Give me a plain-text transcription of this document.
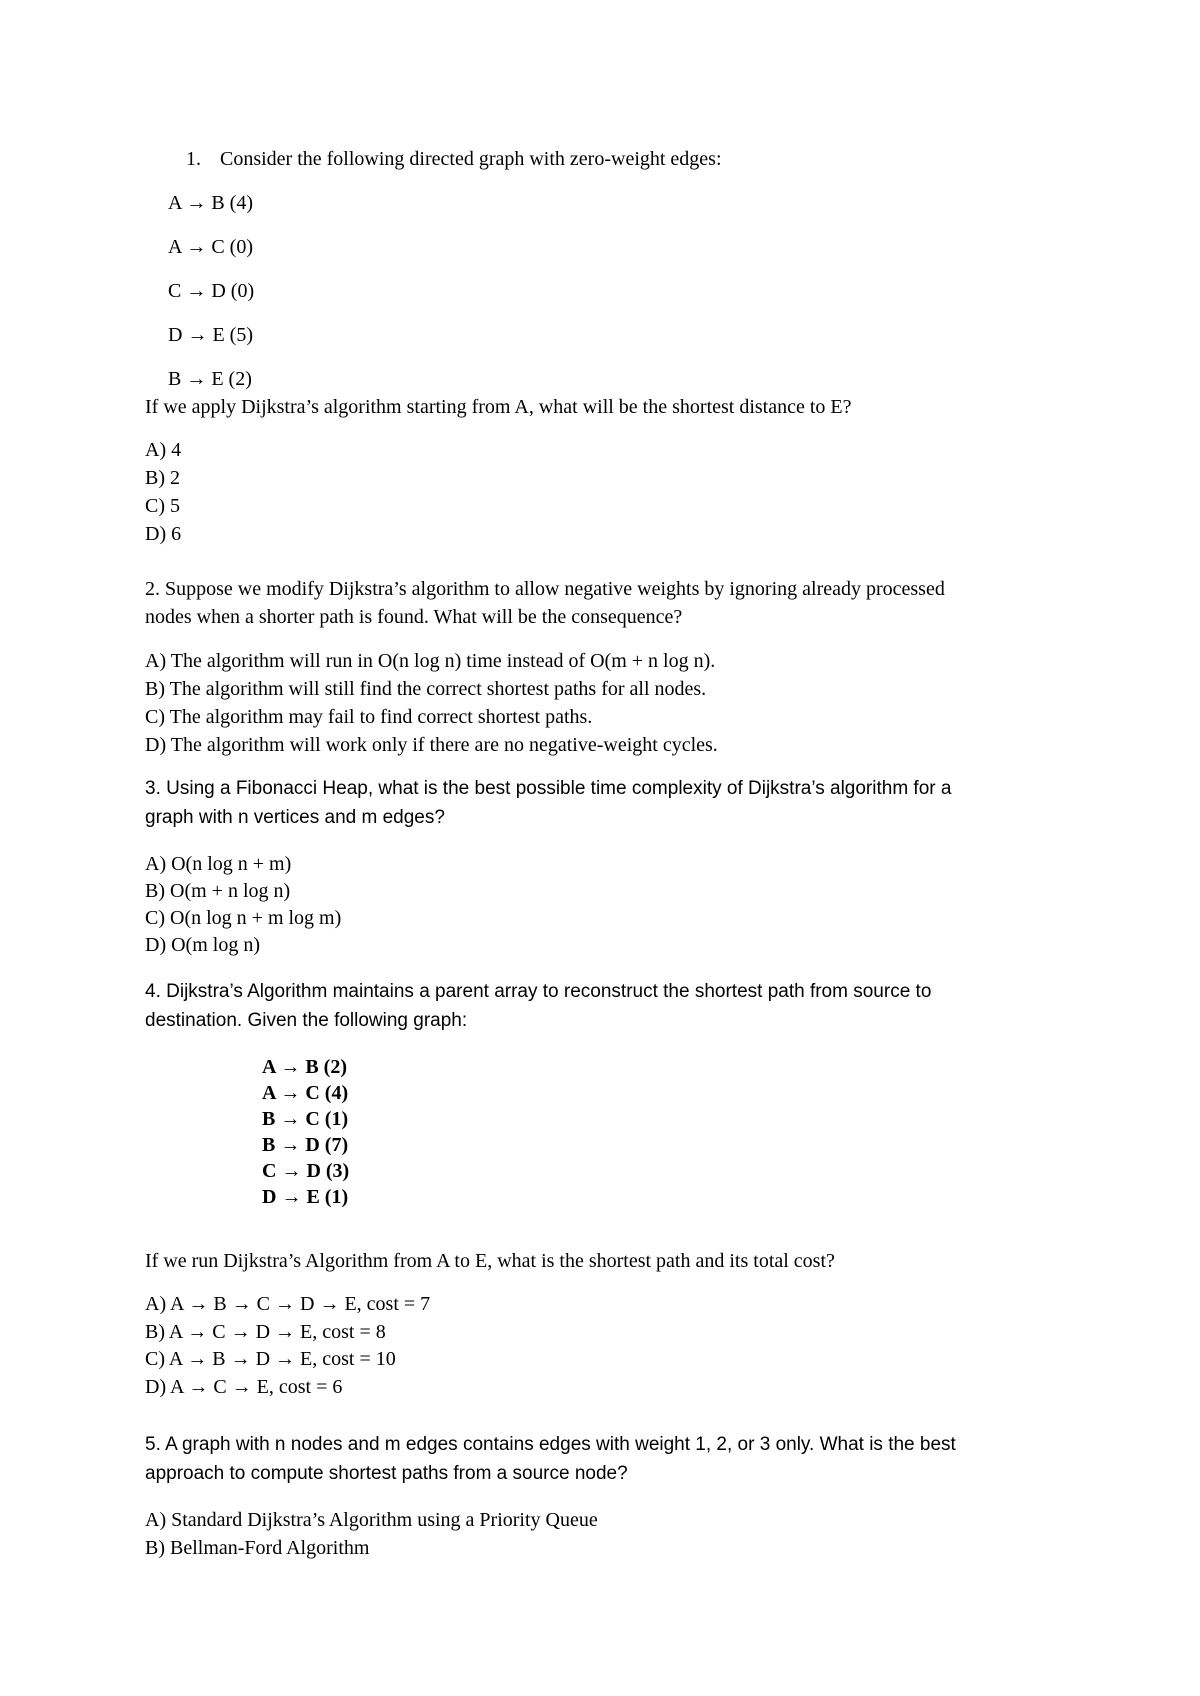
1. Consider the following directed graph with zero-weight edges:
A → B (4)
A → C (0)
C → D (0)
D → E (5)
B → E (2)
If we apply Dijkstra’s algorithm starting from A, what will be the shortest distance to E?
A) 4
B) 2
C) 5
D) 6
2. Suppose we modify Dijkstra’s algorithm to allow negative weights by ignoring already processed
nodes when a shorter path is found. What will be the consequence?
A) The algorithm will run in O(n log n) time instead of O(m + n log n).
B) The algorithm will still find the correct shortest paths for all nodes.
C) The algorithm may fail to find correct shortest paths.
D) The algorithm will work only if there are no negative-weight cycles.
3. Using a Fibonacci Heap, what is the best possible time complexity of Dijkstra’s algorithm for a
graph with n vertices and m edges?
A) O(n log n + m)
B) O(m + n log n)
C) O(n log n + m log m)
D) O(m log n)
4. Dijkstra’s Algorithm maintains a parent array to reconstruct the shortest path from source to
destination. Given the following graph:
A → B (2)
A → C (4)
B → C (1)
B → D (7)
C → D (3)
D → E (1)
If we run Dijkstra’s Algorithm from A to E, what is the shortest path and its total cost?
A) A → B → C → D → E, cost = 7
B) A → C → D → E, cost = 8
C) A → B → D → E, cost = 10
D) A → C → E, cost = 6
5. A graph with n nodes and m edges contains edges with weight 1, 2, or 3 only. What is the best
approach to compute shortest paths from a source node?
A) Standard Dijkstra’s Algorithm using a Priority Queue
B) Bellman-Ford Algorithm
